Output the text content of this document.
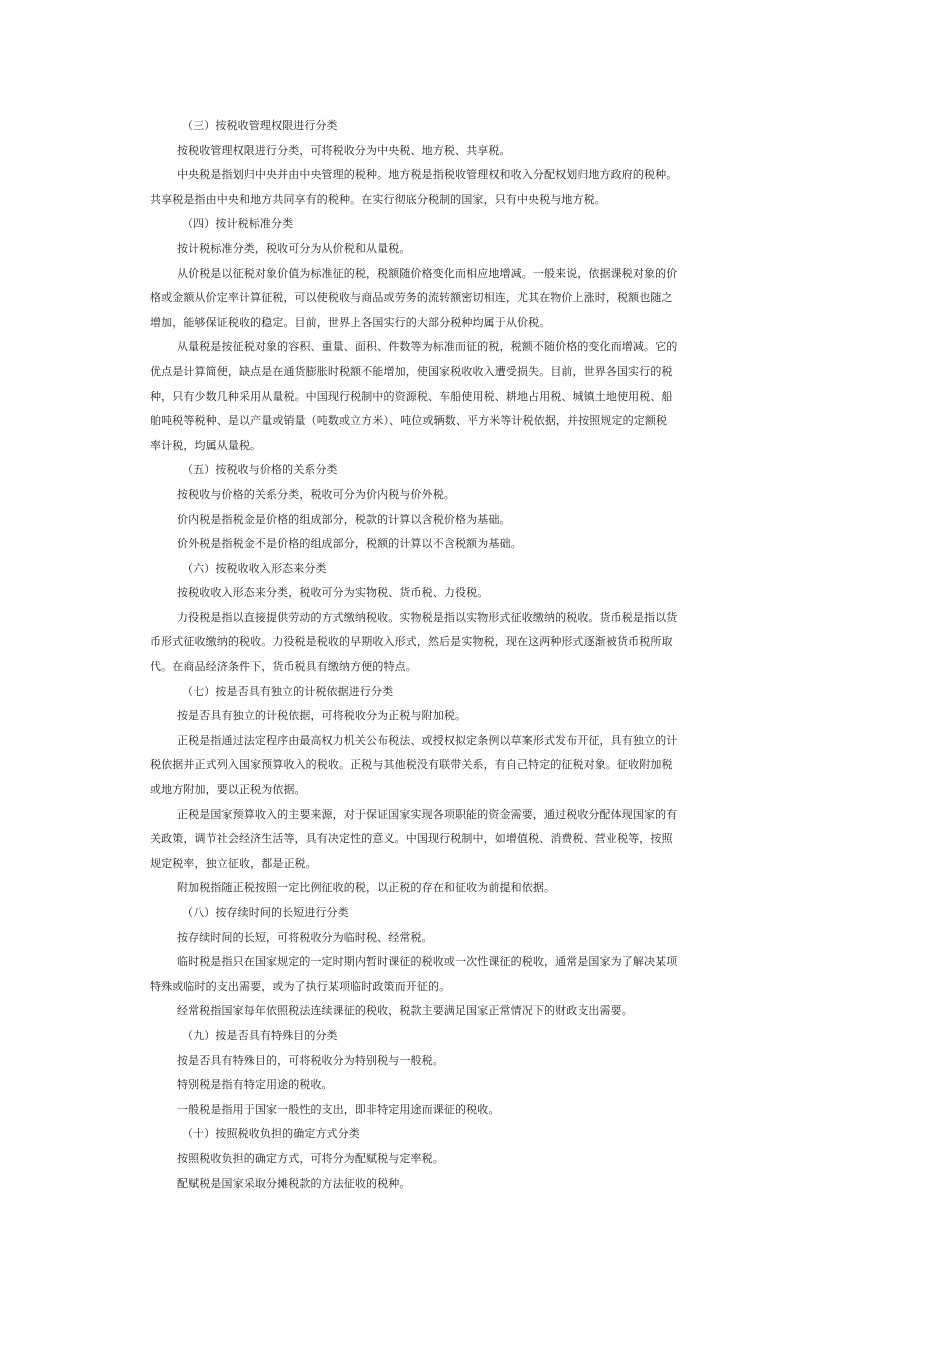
（三）按税收管理权限进行分类

按税收管理权限进行分类，可将税收分为中央税、地方税、共享税。

中央税是指划归中央并由中央管理的税种。地方税是指税收管理权和收入分配权划归地方政府的税种。

共享税是指由中央和地方共同享有的税种。在实行彻底分税制的国家，只有中央税与地方税。

（四）按计税标准分类

按计税标准分类，税收可分为从价税和从量税。

从价税是以征税对象价值为标准征的税，税额随价格变化而相应地增减。一般来说，依据课税对象的价

格或金额从价定率计算征税，可以使税收与商品或劳务的流转额密切相连，尤其在物价上涨时，税额也随之

增加，能够保证税收的稳定。目前，世界上各国实行的大部分税种均属于从价税。

从量税是按征税对象的容积、重量、面积、件数等为标准而征的税，税额不随价格的变化而增减。它的

优点是计算简便，缺点是在通货膨胀时税额不能增加，使国家税收收入遭受损失。目前，世界各国实行的税

种，只有少数几种采用从量税。中国现行税制中的资源税、车船使用税、耕地占用税、城镇土地使用税、船

舶吨税等税种、是以产量或销量（吨数或立方米）、吨位或辆数、平方米等计税依据，并按照规定的定额税

率计税，均属从量税。

（五）按税收与价格的关系分类

按税收与价格的关系分类，税收可分为价内税与价外税。

价内税是指税金是价格的组成部分，税款的计算以含税价格为基础。

价外税是指税金不是价格的组成部分，税额的计算以不含税额为基础。

（六）按税收收入形态来分类

按税收收入形态来分类，税收可分为实物税、货币税、力役税。

力役税是指以直接提供劳动的方式缴纳税收。实物税是指以实物形式征收缴纳的税收。货币税是指以货

币形式征收缴纳的税收。力役税是税收的早期收入形式，然后是实物税，现在这两种形式逐渐被货币税所取

代。在商品经济条件下，货币税具有缴纳方便的特点。

（七）按是否具有独立的计税依据进行分类

按是否具有独立的计税依据，可将税收分为正税与附加税。

正税是指通过法定程序由最高权力机关公布税法、或授权拟定条例以草案形式发布开征，具有独立的计

税依据并正式列入国家预算收入的税收。正税与其他税没有联带关系，有自己特定的征税对象。征收附加税

或地方附加，要以正税为依据。

正税是国家预算收入的主要来源，对于保证国家实现各项职能的资金需要，通过税收分配体现国家的有

关政策，调节社会经济生活等，具有决定性的意义。中国现行税制中，如增值税、消费税、营业税等，按照

规定税率，独立征收，都是正税。

附加税指随正税按照一定比例征收的税，以正税的存在和征收为前提和依据。

（八）按存续时间的长短进行分类

按存续时间的长短，可将税收分为临时税、经常税。

临时税是指只在国家规定的一定时期内暂时课征的税收或一次性课征的税收，通常是国家为了解决某项

特殊或临时的支出需要，或为了执行某项临时政策而开征的。

经常税指国家每年依照税法连续课征的税收，税款主要满足国家正常情况下的财政支出需要。

（九）按是否具有特殊目的分类

按是否具有特殊目的，可将税收分为特别税与一般税。

特别税是指有特定用途的税收。

一般税是指用于国家一般性的支出，即非特定用途而课征的税收。

（十）按照税收负担的确定方式分类

按照税收负担的确定方式，可将分为配赋税与定率税。

配赋税是国家采取分摊税款的方法征收的税种。
